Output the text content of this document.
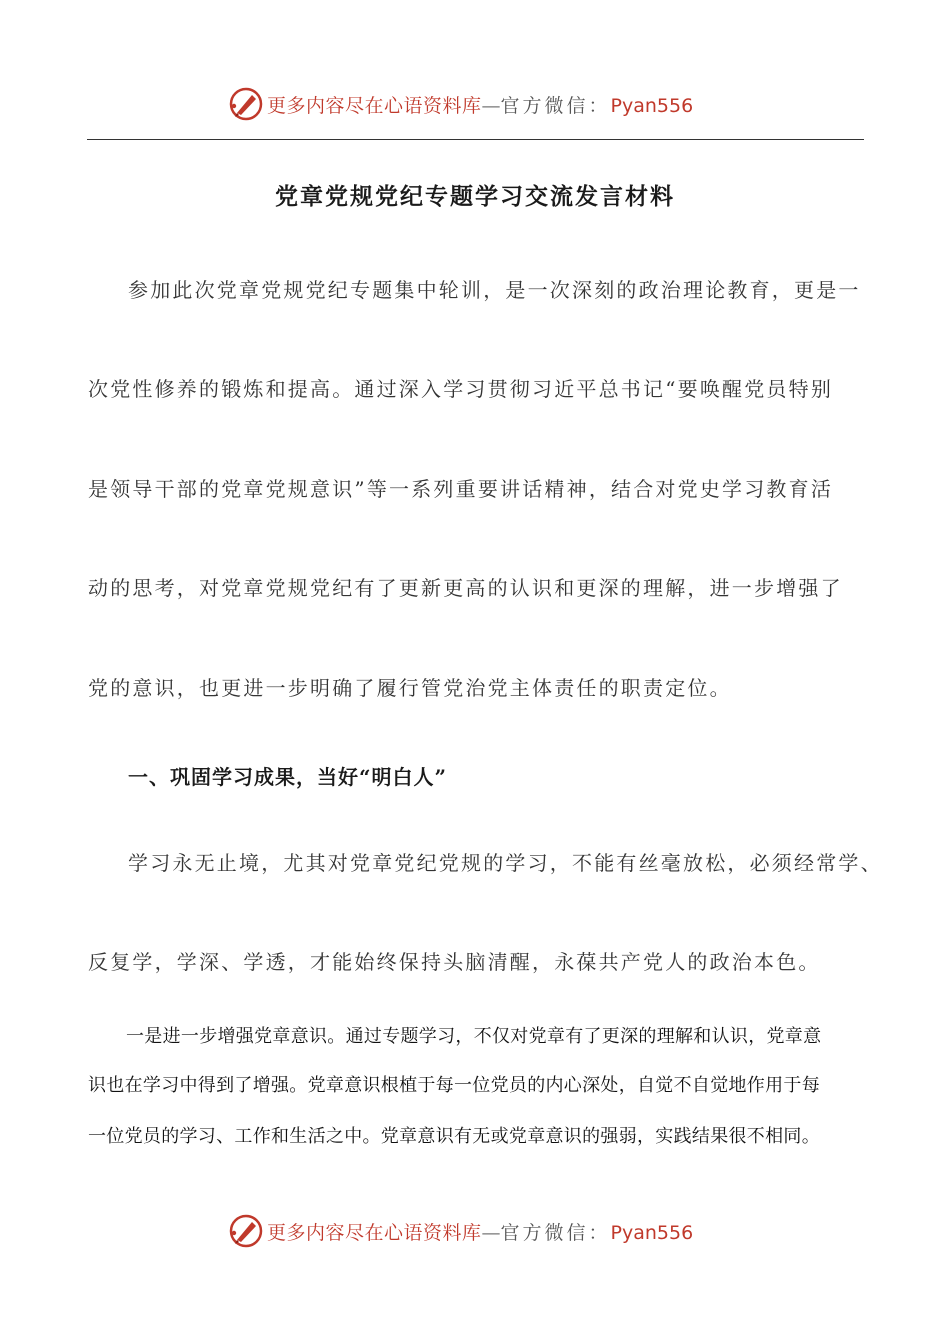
更多内容尽在心语资料库—官方微信：Pyan556
党章党规党纪专题学习交流发言材料
参加此次党章党规党纪专题集中轮训，是一次深刻的政治理论教育，更是一
次党性修养的锻炼和提高。通过深入学习贯彻习近平总书记“要唤醒党员特别
是领导干部的党章党规意识”等一系列重要讲话精神，结合对党史学习教育活
动的思考，对党章党规党纪有了更新更高的认识和更深的理解，进一步增强了
党的意识，也更进一步明确了履行管党治党主体责任的职责定位。
一、巩固学习成果，当好“明白人”
学习永无止境，尤其对党章党纪党规的学习，不能有丝毫放松，必须经常学、
反复学，学深、学透，才能始终保持头脑清醒，永葆共产党人的政治本色。
一是进一步增强党章意识。通过专题学习，不仅对党章有了更深的理解和认识，党章意
识也在学习中得到了增强。党章意识根植于每一位党员的内心深处，自觉不自觉地作用于每
一位党员的学习、工作和生活之中。党章意识有无或党章意识的强弱，实践结果很不相同。
更多内容尽在心语资料库—官方微信：Pyan556
